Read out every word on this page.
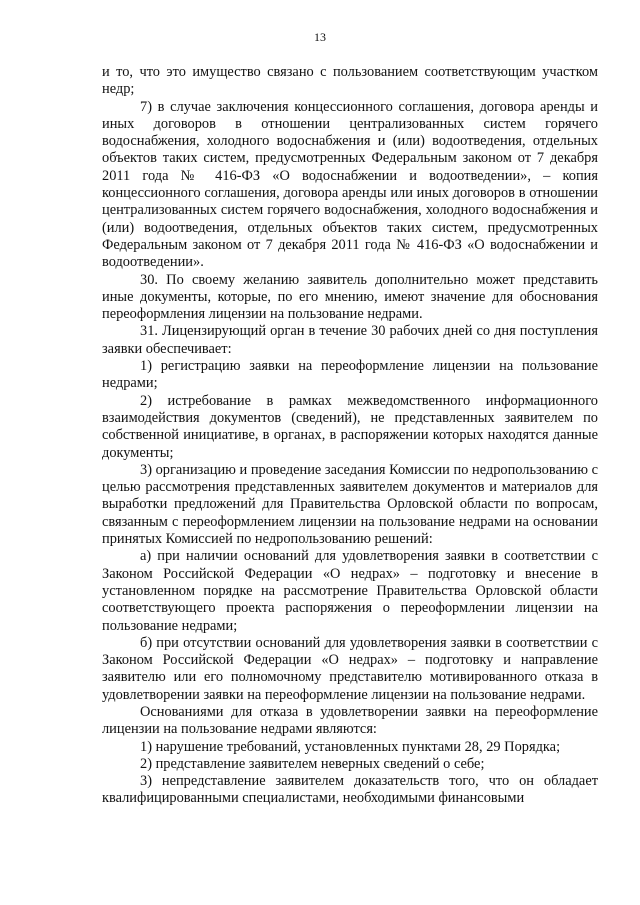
13

и то, что это имущество связано с пользованием соответствующим участком недр;

7) в случае заключения концессионного соглашения, договора аренды и иных договоров в отношении централизованных систем горячего водоснабжения, холодного водоснабжения и (или) водоотведения, отдельных объектов таких систем, предусмотренных Федеральным законом от 7 декабря 2011 года № 416-ФЗ «О водоснабжении и водоотведении», – копия концессионного соглашения, договора аренды или иных договоров в отношении централизованных систем горячего водоснабжения, холодного водоснабжения и (или) водоотведения, отдельных объектов таких систем, предусмотренных Федеральным законом от 7 декабря 2011 года № 416-ФЗ «О водоснабжении и водоотведении».

30. По своему желанию заявитель дополнительно может представить иные документы, которые, по его мнению, имеют значение для обоснования переоформления лицензии на пользование недрами.

31. Лицензирующий орган в течение 30 рабочих дней со дня поступления заявки обеспечивает:

1) регистрацию заявки на переоформление лицензии на пользование недрами;

2) истребование в рамках межведомственного информационного взаимодействия документов (сведений), не представленных заявителем по собственной инициативе, в органах, в распоряжении которых находятся данные документы;

3) организацию и проведение заседания Комиссии по недропользованию с целью рассмотрения представленных заявителем документов и материалов для выработки предложений для Правительства Орловской области по вопросам, связанным с переоформлением лицензии на пользование недрами на основании принятых Комиссией по недропользованию решений:

а) при наличии оснований для удовлетворения заявки в соответствии с Законом Российской Федерации «О недрах» – подготовку и внесение в установленном порядке на рассмотрение Правительства Орловской области соответствующего проекта распоряжения о переоформлении лицензии на пользование недрами;

б) при отсутствии оснований для удовлетворения заявки в соответствии с Законом Российской Федерации «О недрах» – подготовку и направление заявителю или его полномочному представителю мотивированного отказа в удовлетворении заявки на переоформление лицензии на пользование недрами.

Основаниями для отказа в удовлетворении заявки на переоформление лицензии на пользование недрами являются:

1) нарушение требований, установленных пунктами 28, 29 Порядка;

2) представление заявителем неверных сведений о себе;

3) непредставление заявителем доказательств того, что он обладает квалифицированными специалистами, необходимыми финансовыми
